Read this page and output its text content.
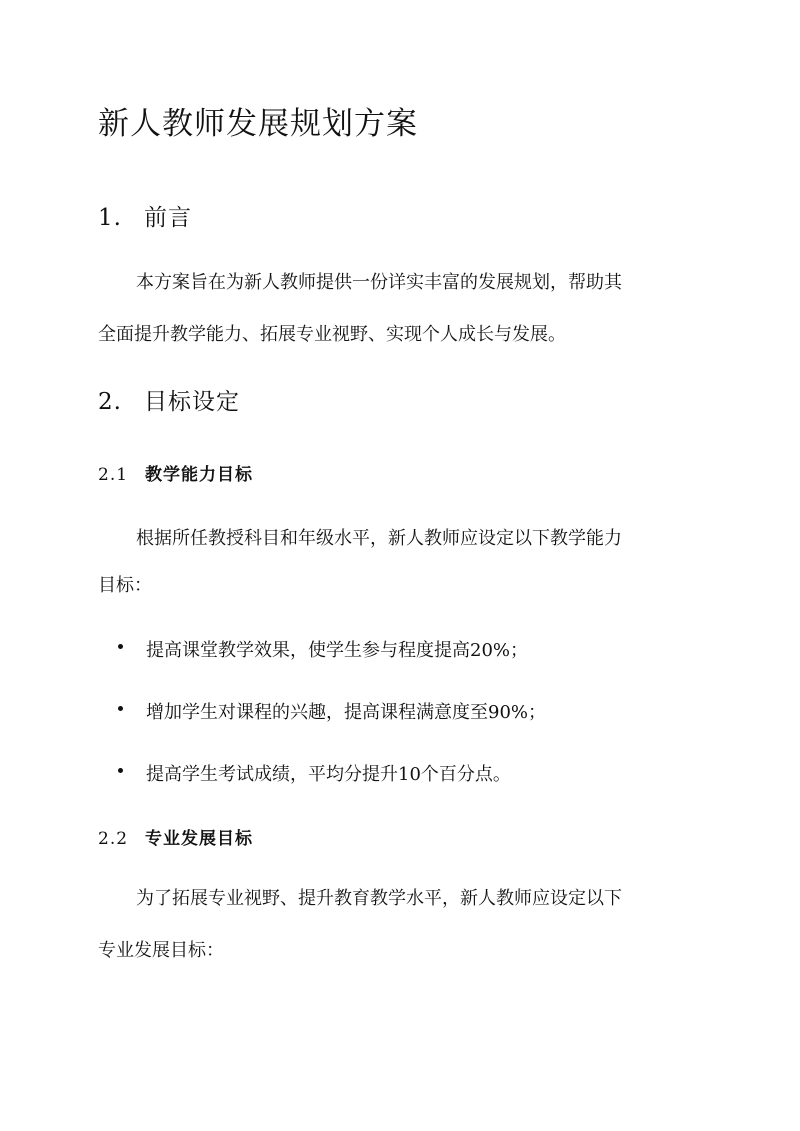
新人教师发展规划方案
1. 前言
本方案旨在为新人教师提供一份详实丰富的发展规划，帮助其
全面提升教学能力、拓展专业视野、实现个人成长与发展。
2. 目标设定
2.1 教学能力目标
根据所任教授科目和年级水平，新人教师应设定以下教学能力
目标：
提高课堂教学效果，使学生参与程度提高20%；
增加学生对课程的兴趣，提高课程满意度至90%；
提高学生考试成绩，平均分提升10个百分点。
2.2 专业发展目标
为了拓展专业视野、提升教育教学水平，新人教师应设定以下
专业发展目标：
